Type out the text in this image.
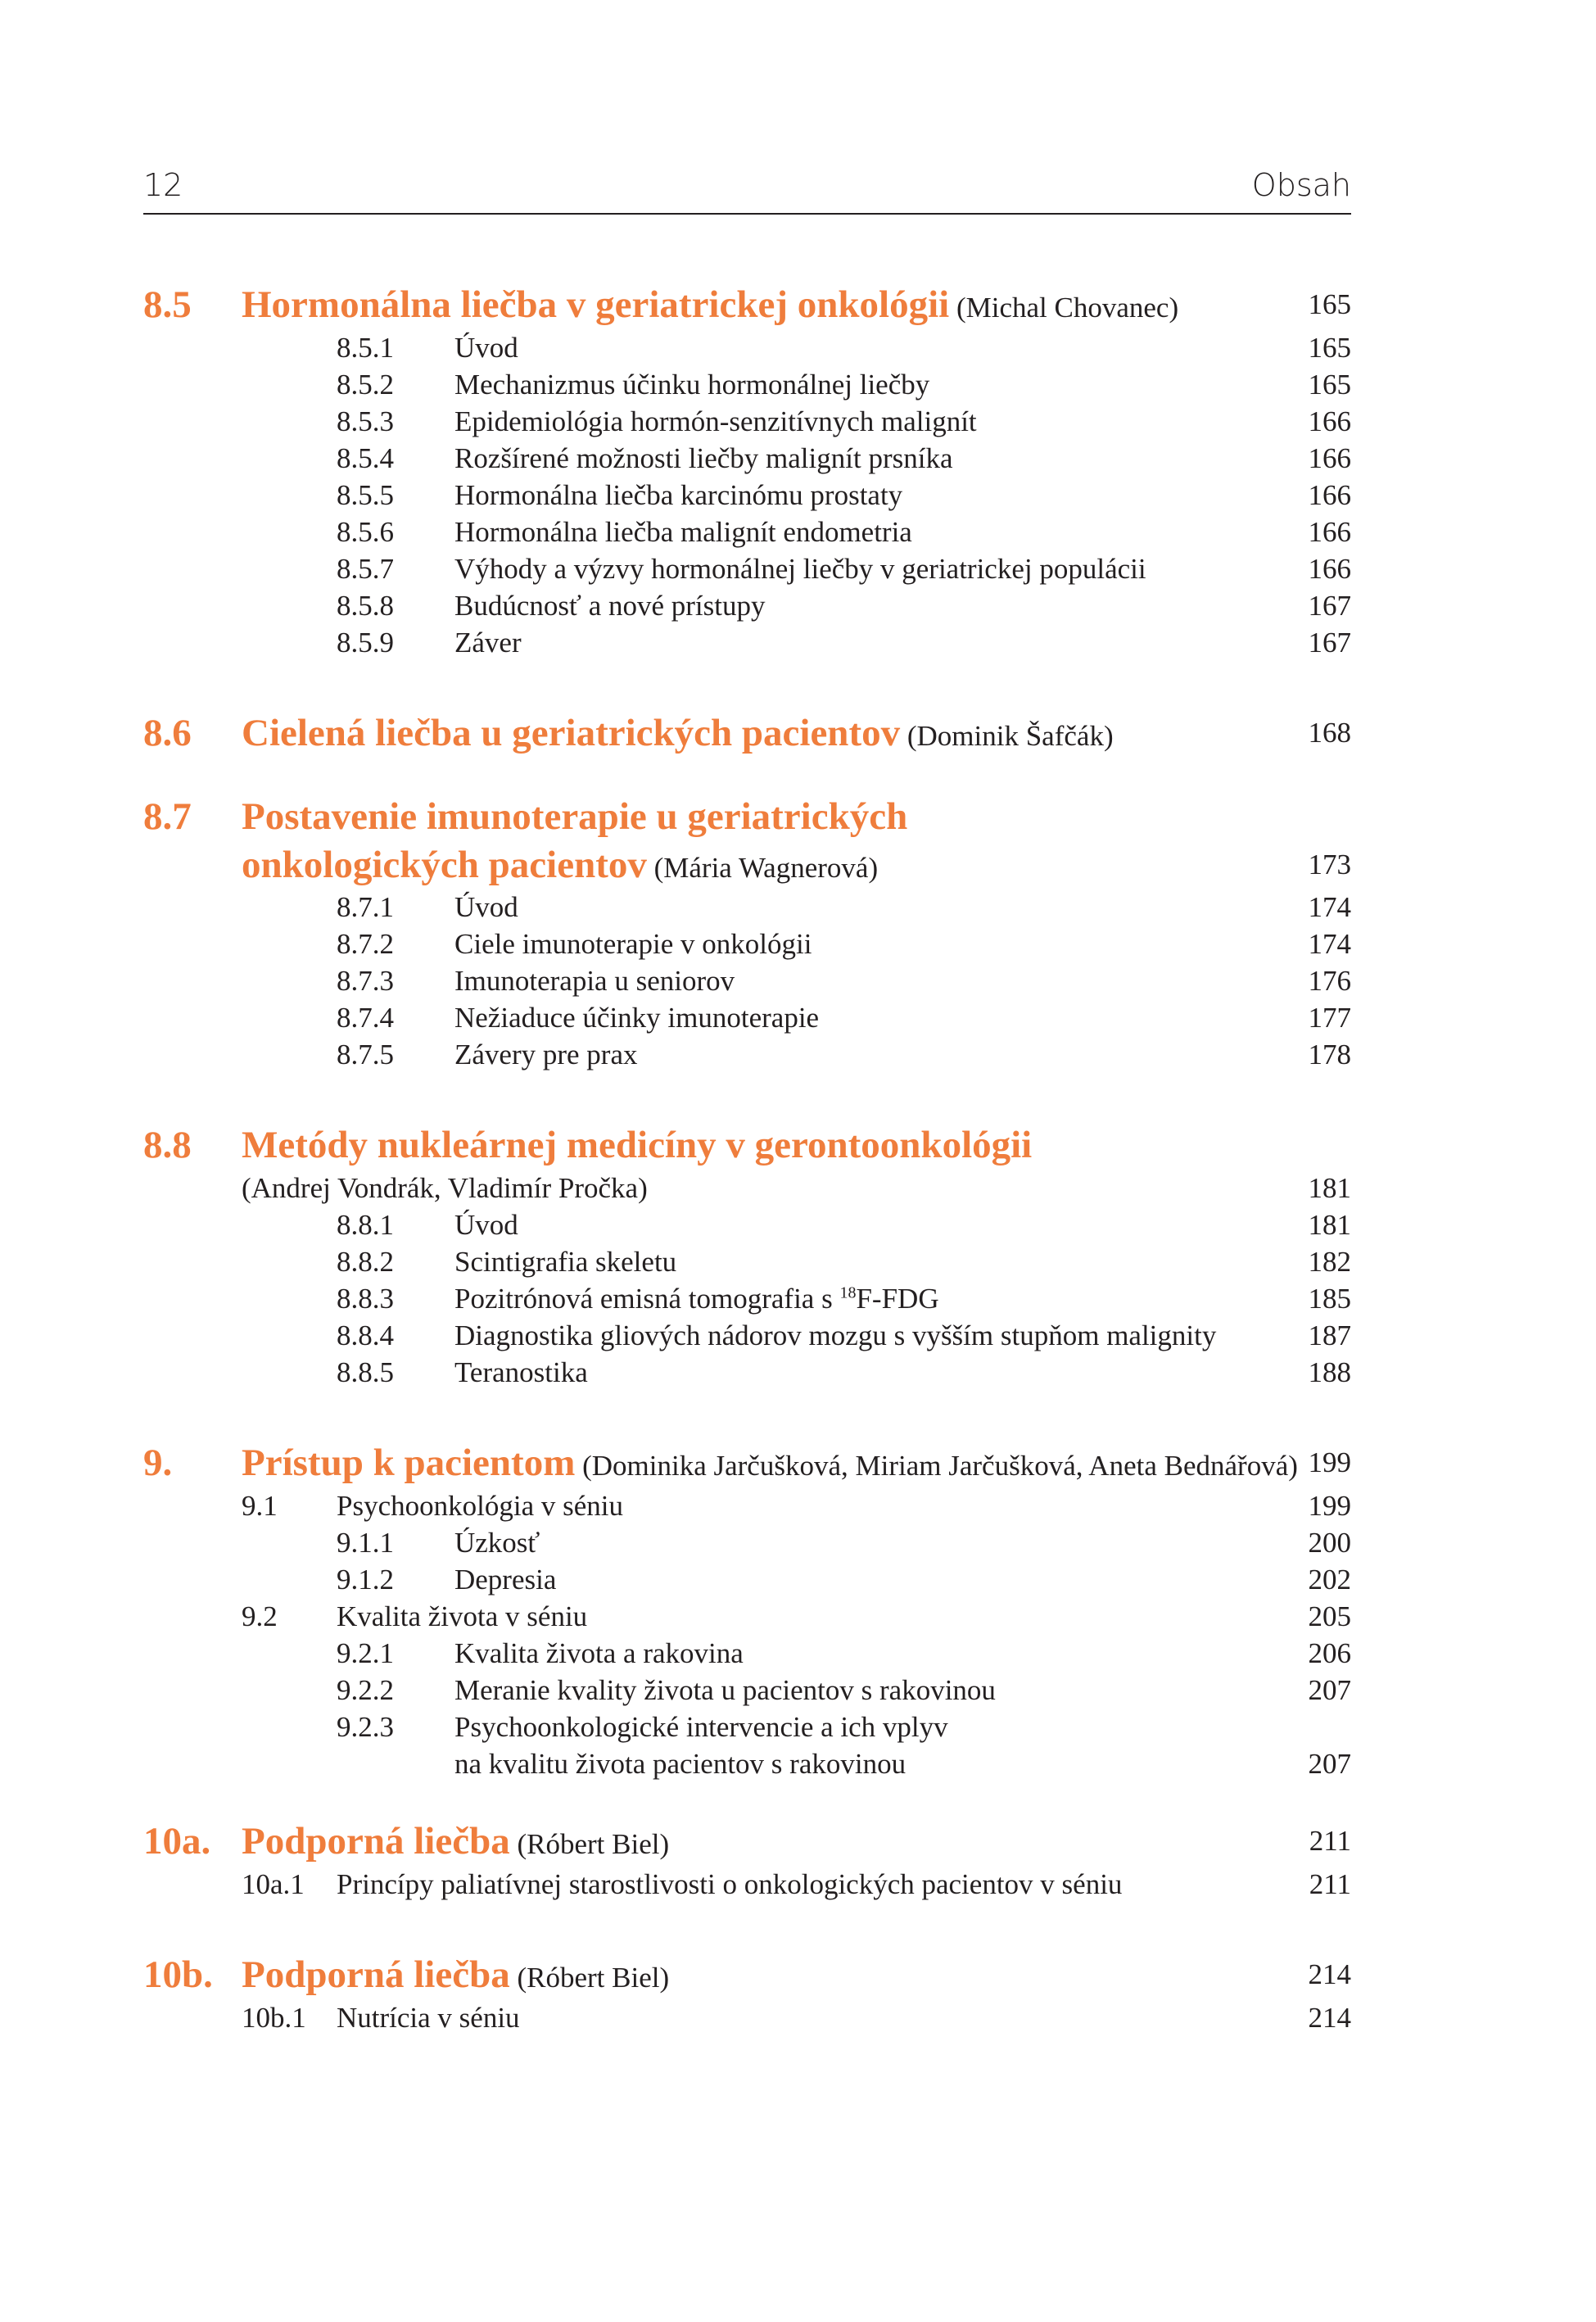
12	Obsah
8.5 Hormonálna liečba v geriatrickej onkológii (Michal Chovanec)	165
8.5.1 Úvod	165
8.5.2 Mechanizmus účinku hormonálnej liečby	165
8.5.3 Epidemiológia hormón-senzitívnych malignít	166
8.5.4 Rozšírené možnosti liečby malignít prsníka	166
8.5.5 Hormonálna liečba karcinómu prostaty	166
8.5.6 Hormonálna liečba malignít endometria	166
8.5.7 Výhody a výzvy hormonálnej liečby v geriatrickej populácii	166
8.5.8 Budúcnosť a nové prístupy	167
8.5.9 Záver	167
8.6 Cielená liečba u geriatrických pacientov (Dominik Šafčák)	168
8.7 Postavenie imunoterapie u geriatrických
onkologických pacientov (Mária Wagnerová)	173
8.7.1 Úvod	174
8.7.2 Ciele imunoterapie v onkológii	174
8.7.3 Imunoterapia u seniorov	176
8.7.4 Nežiaduce účinky imunoterapie	177
8.7.5 Závery pre prax	178
8.8 Metódy nukleárnej medicíny v gerontoonkológii
(Andrej Vondrák, Vladimír Pročka)	181
8.8.1 Úvod	181
8.8.2 Scintigrafia skeletu	182
8.8.3 Pozitrónová emisná tomografia s $^{18}$F-FDG	185
8.8.4 Diagnostika gliových nádorov mozgu s vyšším stupňom malignity	187
8.8.5 Teranostika	188
9. Prístup k pacientom (Dominika Jarčušková, Miriam Jarčušková, Aneta Bednářová) 199
9.1 Psychoonkológia v séniu	199
9.1.1 Úzkosť	200
9.1.2 Depresia	202
9.2 Kvalita života v séniu	205
9.2.1 Kvalita života a rakovina	206
9.2.2 Meranie kvality života u pacientov s rakovinou	207
9.2.3 Psychoonkologické intervencie a ich vplyv
na kvalitu života pacientov s rakovinou	207
10a. Podporná liečba (Róbert Biel)	211
10a.1 Princípy paliatívnej starostlivosti o onkologických pacientov v séniu	211
10b. Podporná liečba (Róbert Biel)	214
10b.1 Nutrícia v séniu	214
